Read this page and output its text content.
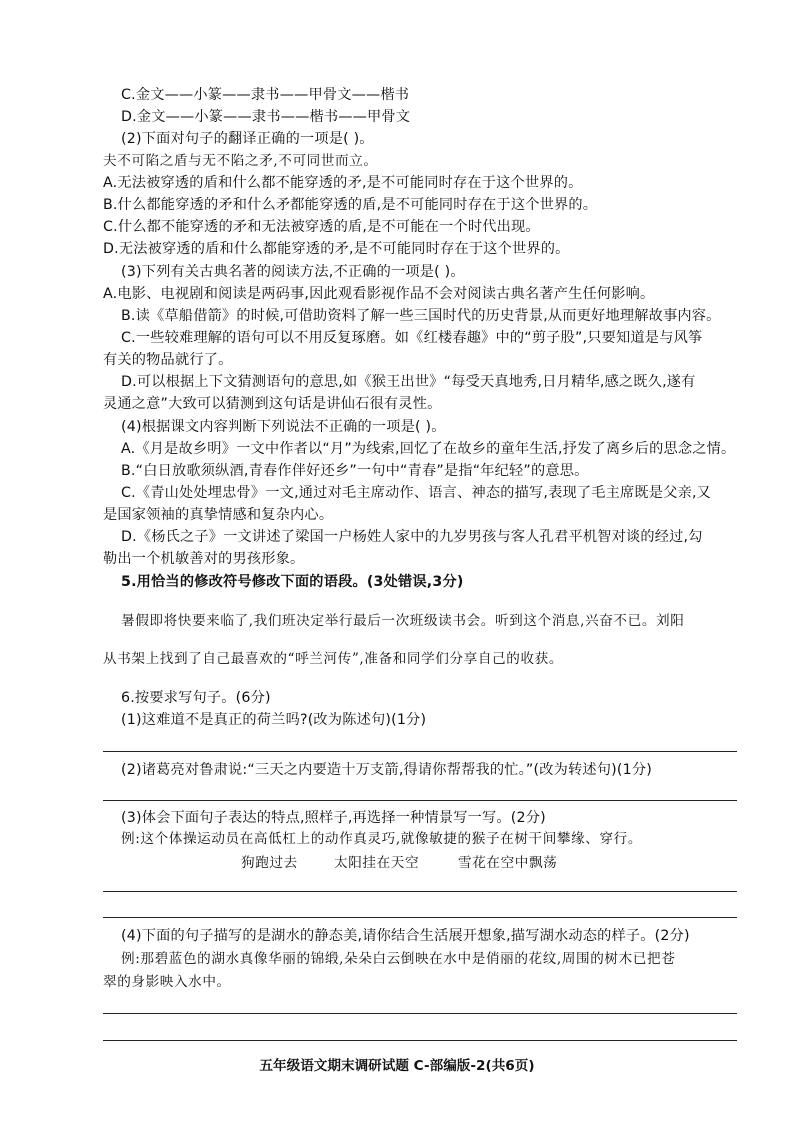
C.金文——小篆——隶书——甲骨文——楷书
D.金文——小篆——隶书——楷书——甲骨文
(2)下面对句子的翻译正确的一项是( )。
夫不可陷之盾与无不陷之矛,不可同世而立。
A.无法被穿透的盾和什么都不能穿透的矛,是不可能同时存在于这个世界的。
B.什么都能穿透的矛和什么矛都能穿透的盾,是不可能同时存在于这个世界的。
C.什么都不能穿透的矛和无法被穿透的盾,是不可能在一个时代出现。
D.无法被穿透的盾和什么都能穿透的矛,是不可能同时存在于这个世界的。
(3)下列有关古典名著的阅读方法,不正确的一项是( )。
A.电影、电视剧和阅读是两码事,因此观看影视作品不会对阅读古典名著产生任何影响。
B.读《草船借箭》的时候,可借助资料了解一些三国时代的历史背景,从而更好地理解故事内容。
C.一些较难理解的语句可以不用反复琢磨。如《红楼春趣》中的“剪子股”,只要知道是与风筝
有关的物品就行了。
D.可以根据上下文猜测语句的意思,如《猴王出世》“每受天真地秀,日月精华,感之既久,遂有
灵通之意”大致可以猜测到这句话是讲仙石很有灵性。
(4)根据课文内容判断下列说法不正确的一项是( )。
A.《月是故乡明》一文中作者以“月”为线索,回忆了在故乡的童年生活,抒发了离乡后的思念之情。
B.“白日放歌须纵酒,青春作伴好还乡”一句中“青春”是指“年纪轻”的意思。
C.《青山处处埋忠骨》一文,通过对毛主席动作、语言、神态的描写,表现了毛主席既是父亲,又
是国家领袖的真挚情感和复杂内心。
D.《杨氏之子》一文讲述了梁国一户杨姓人家中的九岁男孩与客人孔君平机智对谈的经过,勾
勒出一个机敏善对的男孩形象。
5.用恰当的修改符号修改下面的语段。(3处错误,3分)
暑假即将快要来临了,我们班决定举行最后一次班级读书会。听到这个消息,兴奋不已。刘阳
从书架上找到了自己最喜欢的“呼兰河传”,准备和同学们分享自己的收获。
6.按要求写句子。(6分)
(1)这难道不是真正的荷兰吗?(改为陈述句)(1分)
(2)诸葛亮对鲁肃说:“三天之内要造十万支箭,得请你帮帮我的忙。”(改为转述句)(1分)
(3)体会下面句子表达的特点,照样子,再选择一种情景写一写。(2分)
例:这个体操运动员在高低杠上的动作真灵巧,就像敏捷的猴子在树干间攀缘、穿行。
狗跑过去	太阳挂在天空	雪花在空中飘荡
(4)下面的句子描写的是湖水的静态美,请你结合生活展开想象,描写湖水动态的样子。(2分)
例:那碧蓝色的湖水真像华丽的锦缎,朵朵白云倒映在水中是俏丽的花纹,周围的树木已把苍
翠的身影映入水中。
五年级语文期末调研试题 C-部编版-2(共6页)
